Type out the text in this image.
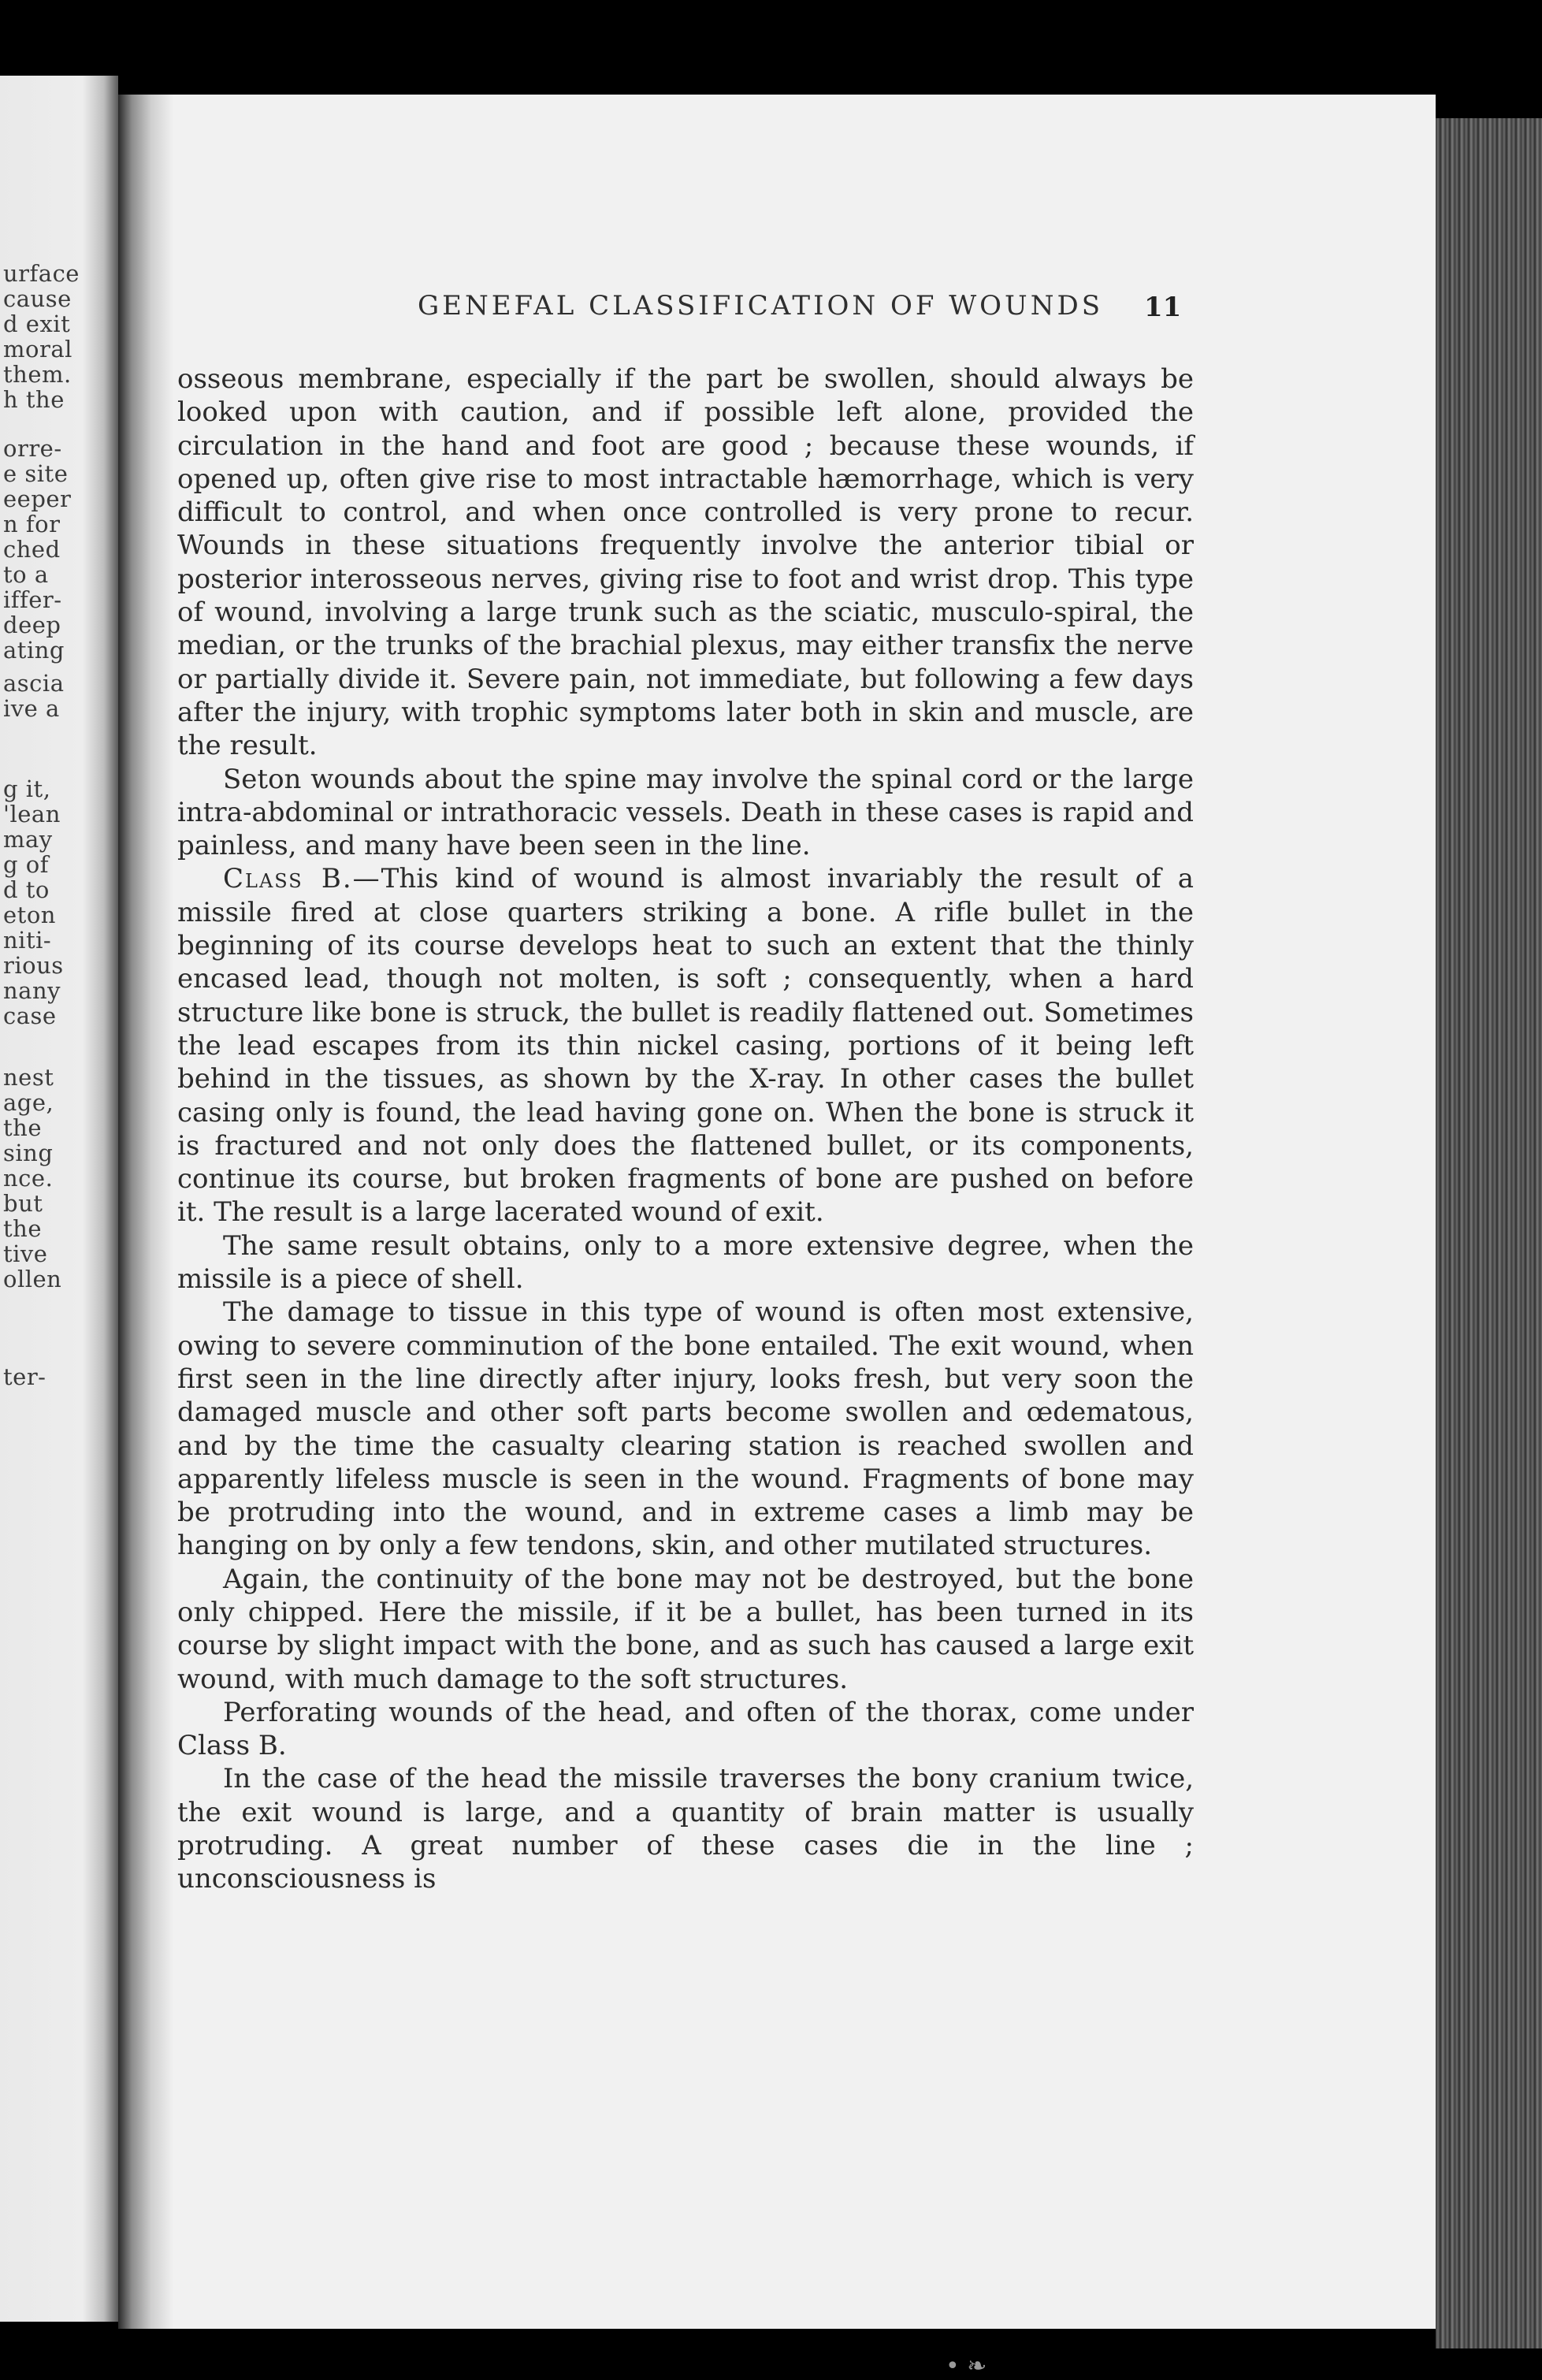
urface
cause
d exit
moral
them.
h the
orre-
e site
eeper
n for
ched
to a
iffer-
deep
ating
ascia
ive a
g it,
'lean
may
g of
d to
eton
niti-
rious
nany
case
nest
age,
the
sing
nce.
but
the
tive
ollen
ter-
GENEFAL CLASSIFICATION OF WOUNDS	11

osseous membrane, especially if the part be swollen, should always be looked upon with caution, and if possible left alone, provided the circulation in the hand and foot are good ; because these wounds, if opened up, often give rise to most intractable hæmorrhage, which is very difficult to control, and when once controlled is very prone to recur. Wounds in these situations frequently involve the anterior tibial or posterior interosseous nerves, giving rise to foot and wrist drop. This type of wound, involving a large trunk such as the sciatic, musculo-spiral, the median, or the trunks of the brachial plexus, may either transfix the nerve or partially divide it. Severe pain, not immediate, but following a few days after the injury, with trophic symptoms later both in skin and muscle, are the result.

Seton wounds about the spine may involve the spinal cord or the large intra-abdominal or intrathoracic vessels. Death in these cases is rapid and painless, and many have been seen in the line.

Class B.—This kind of wound is almost invariably the result of a missile fired at close quarters striking a bone. A rifle bullet in the beginning of its course develops heat to such an extent that the thinly encased lead, though not molten, is soft ; consequently, when a hard structure like bone is struck, the bullet is readily flattened out. Sometimes the lead escapes from its thin nickel casing, portions of it being left behind in the tissues, as shown by the X-ray. In other cases the bullet casing only is found, the lead having gone on. When the bone is struck it is fractured and not only does the flattened bullet, or its components, continue its course, but broken fragments of bone are pushed on before it. The result is a large lacerated wound of exit.

The same result obtains, only to a more extensive degree, when the missile is a piece of shell.

The damage to tissue in this type of wound is often most extensive, owing to severe comminution of the bone entailed. The exit wound, when first seen in the line directly after injury, looks fresh, but very soon the damaged muscle and other soft parts become swollen and œdematous, and by the time the casualty clearing station is reached swollen and apparently lifeless muscle is seen in the wound. Fragments of bone may be protruding into the wound, and in extreme cases a limb may be hanging on by only a few tendons, skin, and other mutilated structures.

Again, the continuity of the bone may not be destroyed, but the bone only chipped. Here the missile, if it be a bullet, has been turned in its course by slight impact with the bone, and as such has caused a large exit wound, with much damage to the soft structures.

Perforating wounds of the head, and often of the thorax, come under Class B.

In the case of the head the missile traverses the bony cranium twice, the exit wound is large, and a quantity of brain matter is usually protruding. A great number of these cases die in the line ; unconsciousness is

• ❧
